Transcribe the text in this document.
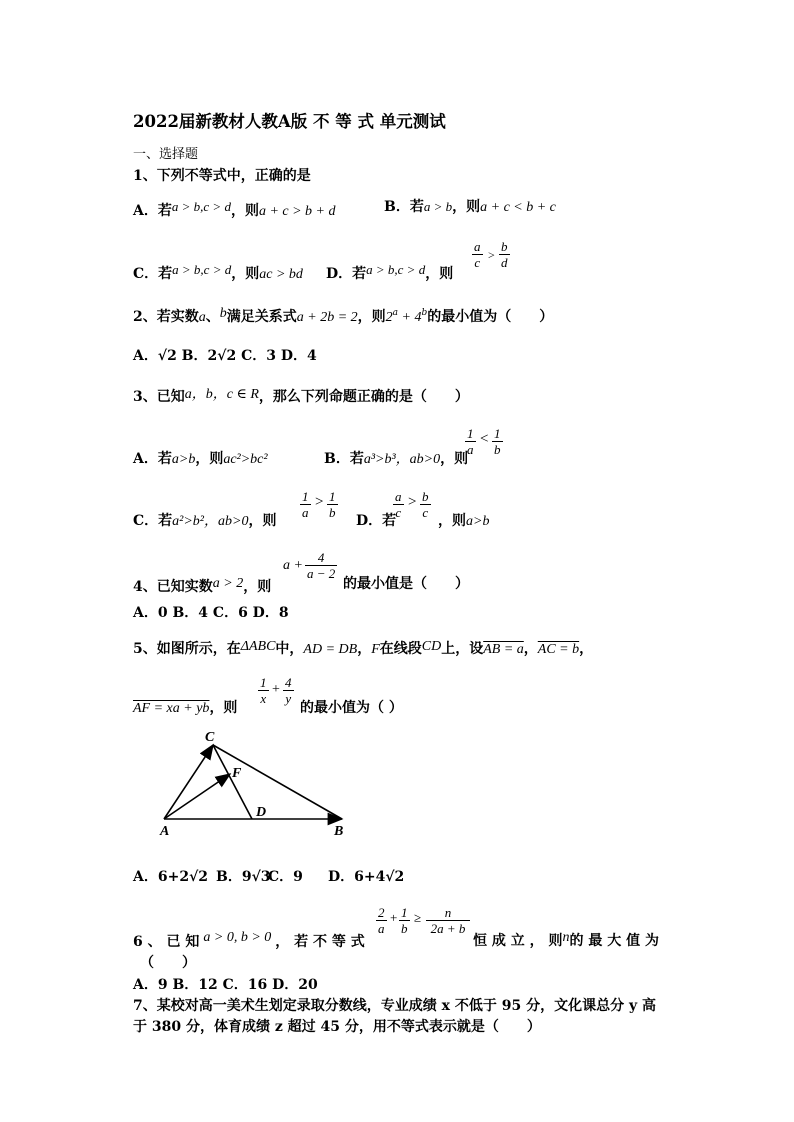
2022届新教材人教A版 不 等 式 单元测试
一、选择题
1、下列不等式中，正确的是
A．若a > b,c > d，则a + c > b + d	B．若a > b，则a + c < b + c
C．若a > b,c > d，则ac > bd D．若a > b,c > d，则
$\frac{a}{c} > \frac{b}{d}$
2、若实数a、b满足关系式a + 2b = 2，则$2^a + 4^b$的最小值为（　　）
A．√2 B．2√2 C．3 D．4
3、已知a，b，c ∈ R，那么下列命题正确的是（　　）
A．若a>b，则ac²>bc²	B．若a³>b³，ab>0，则
$\frac{1}{a} < \frac{1}{b}$
C．若a²>b²，ab>0，则
$\frac{1}{a} > \frac{1}{b}$
D．若
$\frac{a}{c} > \frac{b}{c}$
，则a>b
4、已知实数a > 2，则
$a + \frac{4}{a - 2}$
的最小值是（　　）
A．0 B．4 C．6 D．8
5、如图所示，在ΔABC中，AD = DB，F在线段CD上，设AB = a，AC = b，
AF = xa + yb，则
$\frac{1}{x} + \frac{4}{y}$
的最小值为（ ）
C
F
A
D
B
A．6+2√2 B．9√3
C．9 D．6+4√2
6 、 已 知 a > 0, b > 0 ， 若 不 等 式
$\frac{2}{a} + \frac{1}{b} \ge \frac{n}{2a + b}$
恒 成 立 ， 则n的 最 大 值 为
（　　）
A．9 B．12 C．16 D．20
7、某校对高一美术生划定录取分数线，专业成绩 x 不低于 95 分，文化课总分 y 高
于 380 分，体育成绩 z 超过 45 分，用不等式表示就是（　　）
